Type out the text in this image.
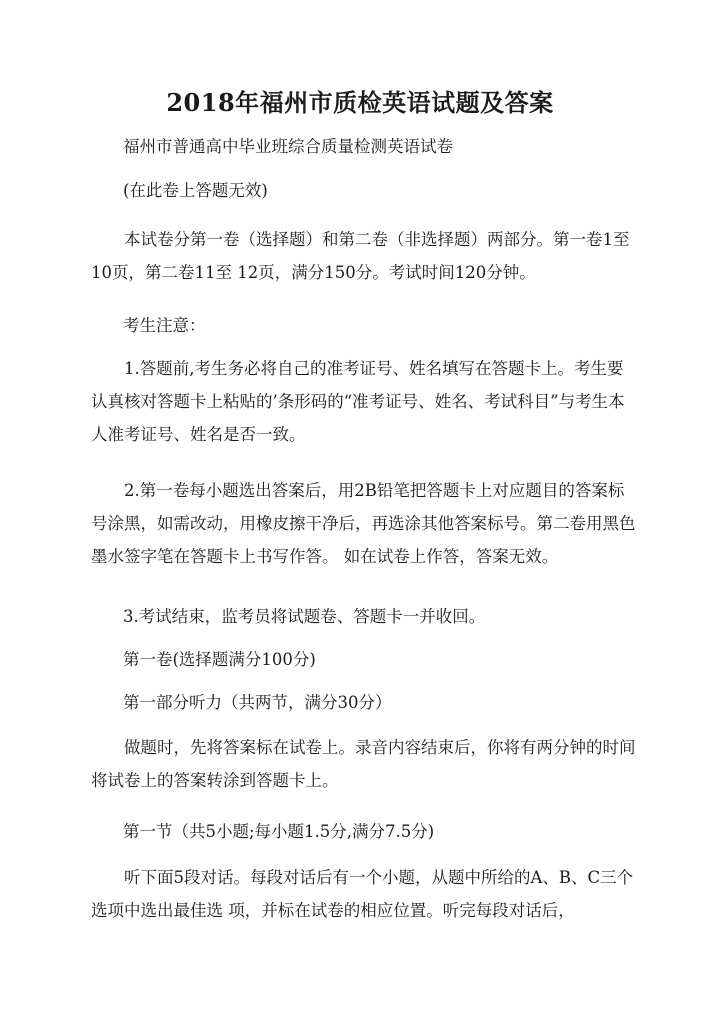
2018年福州市质检英语试题及答案

福州市普通高中毕业班综合质量检测英语试卷

(在此卷上答题无效)

本试卷分第一卷（选择题）和第二卷（非选择题）两部分。第一卷1至10页，第二卷11至 12页，满分150分。考试时间120分钟。

考生注意：

1.答题前,考生务必将自己的准考证号、姓名填写在答题卡上。考生要认真核对答题卡上粘贴的’条形码的“准考证号、姓名、考试科目”与考生本人准考证号、姓名是否一致。

2.第一卷每小题选出答案后，用2B铅笔把答题卡上对应题目的答案标号涂黑，如需改动，用橡皮擦干净后，再选涂其他答案标号。第二卷用黑色墨水签字笔在答题卡上书写作答。 如在试卷上作答，答案无效。

3.考试结束，监考员将试题卷、答题卡一并收回。

第一卷(选择题满分100分)

第一部分听力（共两节，满分30分）

做题时，先将答案标在试卷上。录音内容结束后，你将有两分钟的时间将试卷上的答案转涂到答题卡上。

第一节（共5小题;每小题1.5分,满分7.5分)

听下面5段对话。每段对话后有一个小题，从题中所给的A、B、C三个选项中选出最佳选 项，并标在试卷的相应位置。听完每段对话后，
